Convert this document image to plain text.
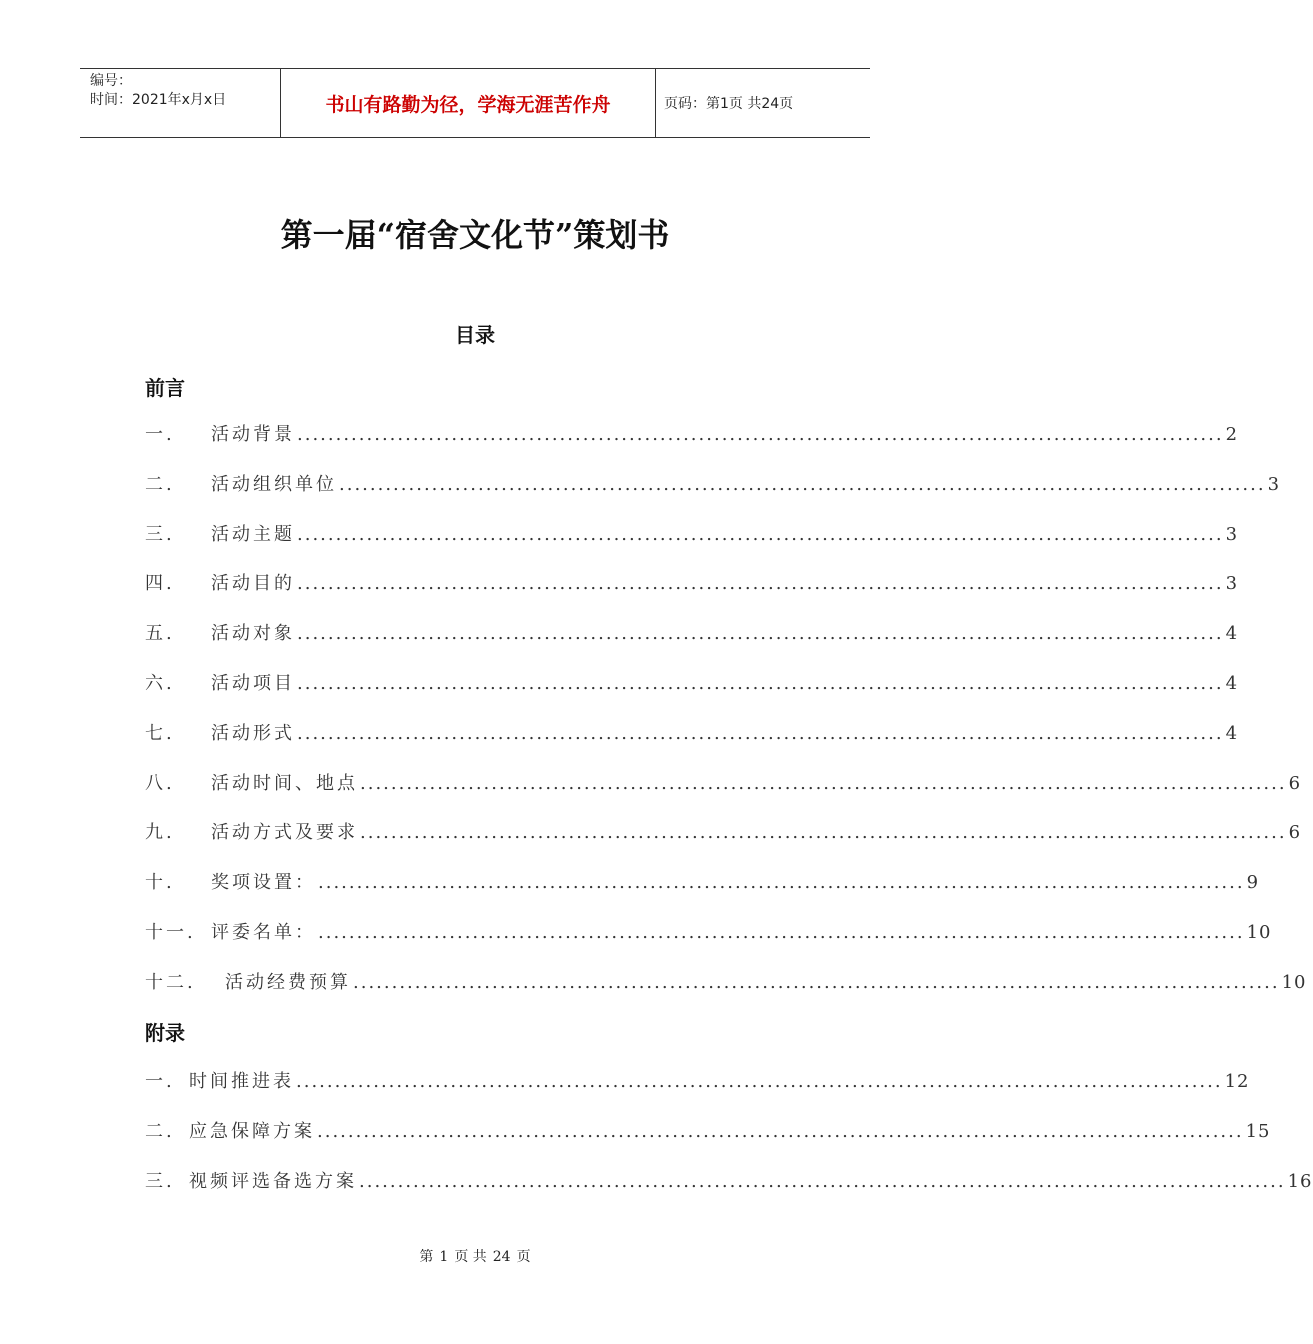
编号：
时间：2021年x月x日	书山有路勤为径，学海无涯苦作舟	页码：第1页 共24页
第一届“宿舍文化节”策划书
目录
前言
一.	活动背景 ........................................................................................................................ 2
二.	活动组织单位 ........................................................................................................................ 3
三.	活动主题 ........................................................................................................................ 3
四.	活动目的 ........................................................................................................................ 3
五.	活动对象 ........................................................................................................................ 4
六.	活动项目 ........................................................................................................................ 4
七.	活动形式 ........................................................................................................................ 4
八.	活动时间、地点 ........................................................................................................................ 6
九.	活动方式及要求 ........................................................................................................................ 6
十.	奖项设置： ........................................................................................................................ 9
十一. 评委名单： ........................................................................................................................ 10
十二.	活动经费预算 ........................................................................................................................ 10
附录
一. 时间推进表 ........................................................................................................................ 12
二. 应急保障方案 ........................................................................................................................ 15
三. 视频评选备选方案 ........................................................................................................................ 16
第 1 页 共 24 页
